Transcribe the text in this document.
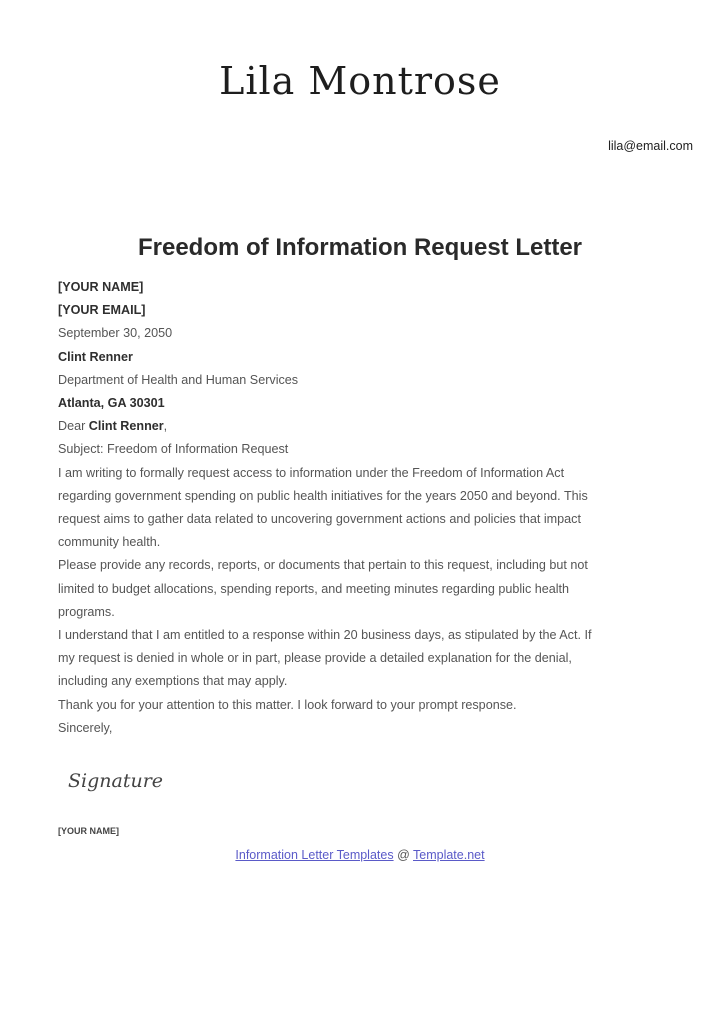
Lila Montrose
lila@email.com
Freedom of Information Request Letter
[YOUR NAME]
[YOUR EMAIL]
September 30, 2050
Clint Renner
Department of Health and Human Services
Atlanta, GA 30301
Dear Clint Renner,
Subject: Freedom of Information Request
I am writing to formally request access to information under the Freedom of Information Act
regarding government spending on public health initiatives for the years 2050 and beyond. This
request aims to gather data related to uncovering government actions and policies that impact
community health.
Please provide any records, reports, or documents that pertain to this request, including but not
limited to budget allocations, spending reports, and meeting minutes regarding public health
programs.
I understand that I am entitled to a response within 20 business days, as stipulated by the Act. If
my request is denied in whole or in part, please provide a detailed explanation for the denial,
including any exemptions that may apply.
Thank you for your attention to this matter. I look forward to your prompt response.
Sincerely,
Signature
[YOUR NAME]
Information Letter Templates @ Template.net
